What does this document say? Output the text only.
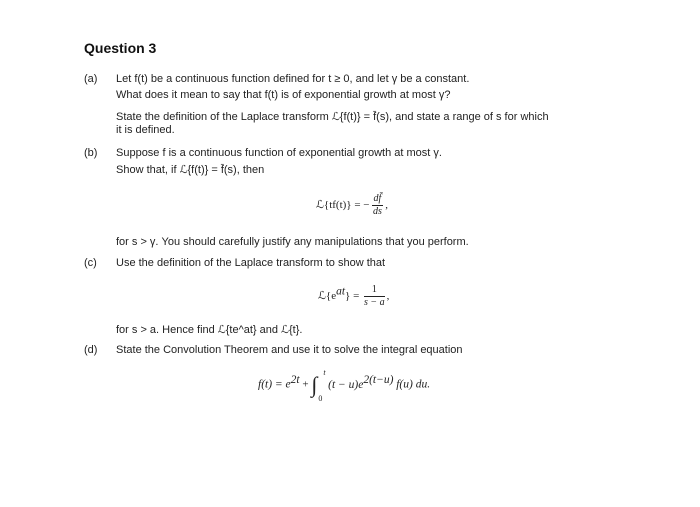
Question 3
(a) Let f(t) be a continuous function defined for t ≥ 0, and let γ be a constant.
What does it mean to say that f(t) is of exponential growth at most γ?
State the definition of the Laplace transform ℒ{f(t)} = f̄(s), and state a range of s for which
it is defined.
(b) Suppose f is a continuous function of exponential growth at most γ.
Show that, if ℒ{f(t)} = f̄(s), then
ℒ{tf(t)} = − $\frac{df̄}{ds}$ ,
for s > γ. You should carefully justify any manipulations that you perform.
(c) Use the definition of the Laplace transform to show that
$ℒ\{e^{at}\} = \frac{1}{s - a}$ ,
for s > a. Hence find ℒ{te^at} and ℒ{t}.
(d) State the Convolution Theorem and use it to solve the integral equation
$f(t) = e^{2t}$ + ∫ t
0
$(t - u)e^{2(t-u)}$ f(u) du.
